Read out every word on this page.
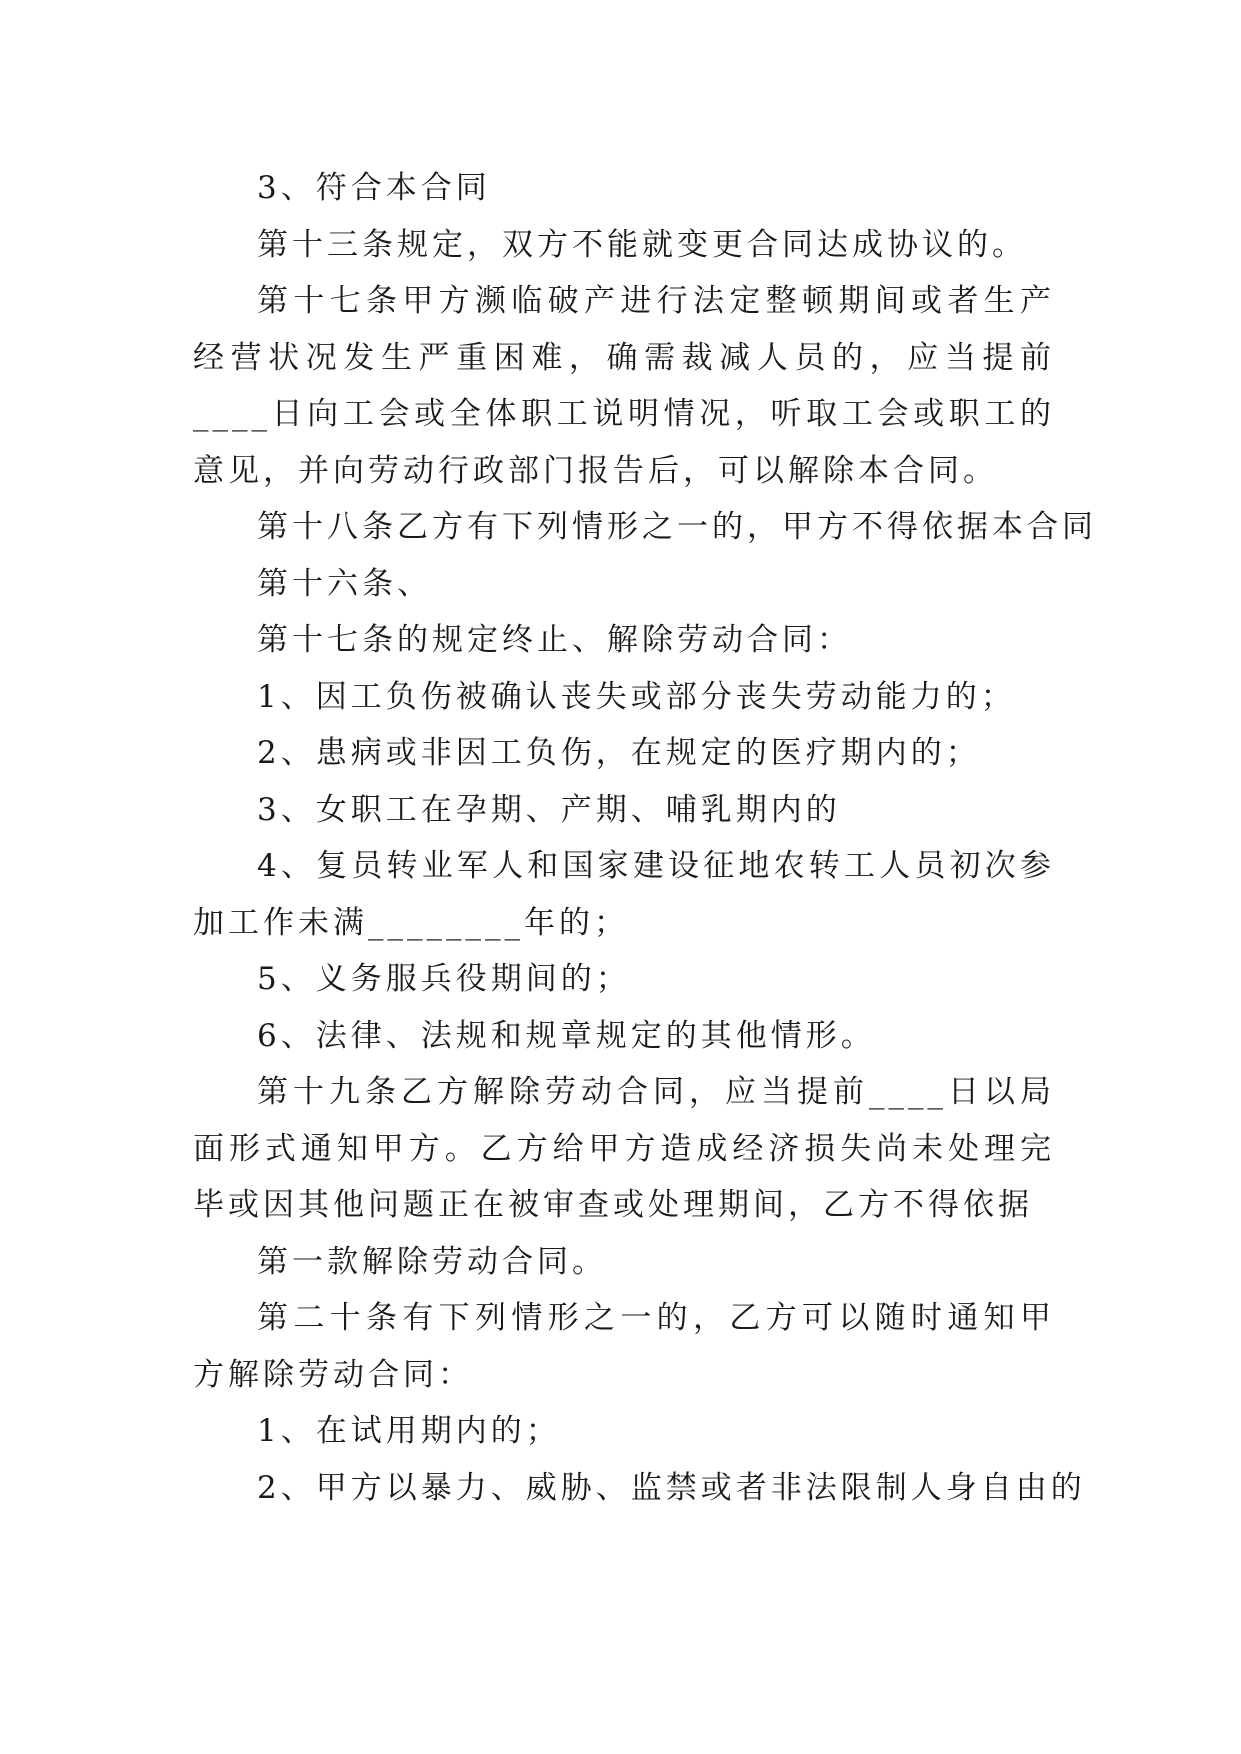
3、符合本合同

第十三条规定，双方不能就变更合同达成协议的。

第十七条甲方濒临破产进行法定整顿期间或者生产经营状况发生严重困难，确需裁减人员的，应当提前____日向工会或全体职工说明情况，听取工会或职工的意见，并向劳动行政部门报告后，可以解除本合同。

第十八条乙方有下列情形之一的，甲方不得依据本合同

第十六条、

第十七条的规定终止、解除劳动合同：

1、因工负伤被确认丧失或部分丧失劳动能力的；

2、患病或非因工负伤，在规定的医疗期内的；

3、女职工在孕期、产期、哺乳期内的

4、复员转业军人和国家建设征地农转工人员初次参加工作未满________年的；

5、义务服兵役期间的；

6、法律、法规和规章规定的其他情形。

第十九条乙方解除劳动合同，应当提前____日以局面形式通知甲方。乙方给甲方造成经济损失尚未处理完毕或因其他问题正在被审查或处理期间，乙方不得依据

第一款解除劳动合同。

第二十条有下列情形之一的，乙方可以随时通知甲方解除劳动合同：

1、在试用期内的；

2、甲方以暴力、威胁、监禁或者非法限制人身自由的
